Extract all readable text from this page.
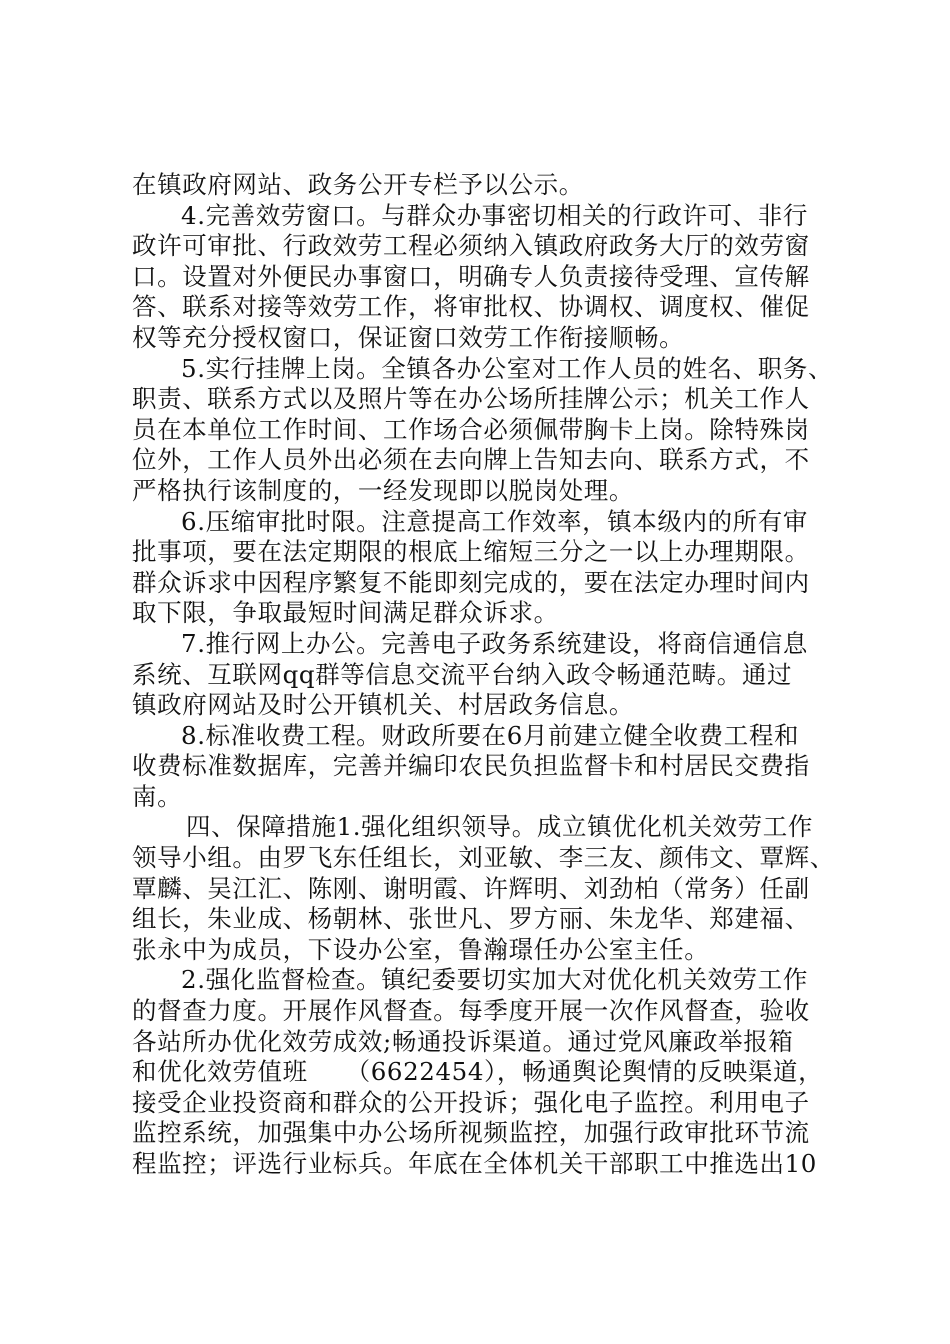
在镇政府网站、政务公开专栏予以公示。
4.完善效劳窗口。与群众办事密切相关的行政许可、非行
政许可审批、行政效劳工程必须纳入镇政府政务大厅的效劳窗
口。设置对外便民办事窗口，明确专人负责接待受理、宣传解
答、联系对接等效劳工作，将审批权、协调权、调度权、催促
权等充分授权窗口，保证窗口效劳工作衔接顺畅。
5.实行挂牌上岗。全镇各办公室对工作人员的姓名、职务、
职责、联系方式以及照片等在办公场所挂牌公示；机关工作人
员在本单位工作时间、工作场合必须佩带胸卡上岗。除特殊岗
位外，工作人员外出必须在去向牌上告知去向、联系方式，不
严格执行该制度的，一经发现即以脱岗处理。
6.压缩审批时限。注意提高工作效率，镇本级内的所有审
批事项，要在法定期限的根底上缩短三分之一以上办理期限。
群众诉求中因程序繁复不能即刻完成的，要在法定办理时间内
取下限，争取最短时间满足群众诉求。
7.推行网上办公。完善电子政务系统建设，将商信通信息
系统、互联网qq群等信息交流平台纳入政令畅通范畴。通过
镇政府网站及时公开镇机关、村居政务信息。
8.标准收费工程。财政所要在6月前建立健全收费工程和
收费标准数据库，完善并编印农民负担监督卡和村居民交费指
南。
四、保障措施1.强化组织领导。成立镇优化机关效劳工作
领导小组。由罗飞东任组长，刘亚敏、李三友、颜伟文、覃辉、
覃麟、吴江汇、陈刚、谢明霞、许辉明、刘劲柏（常务）任副
组长，朱业成、杨朝林、张世凡、罗方丽、朱龙华、郑建福、
张永中为成员，下设办公室，鲁瀚璟任办公室主任。
2.强化监督检查。镇纪委要切实加大对优化机关效劳工作
的督查力度。开展作风督查。每季度开展一次作风督查，验收
各站所办优化效劳成效;畅通投诉渠道。通过党风廉政举报箱
和优化效劳值班　　（6622454），畅通舆论舆情的反映渠道，
接受企业投资商和群众的公开投诉；强化电子监控。利用电子
监控系统，加强集中办公场所视频监控，加强行政审批环节流
程监控；评选行业标兵。年底在全体机关干部职工中推选出10
